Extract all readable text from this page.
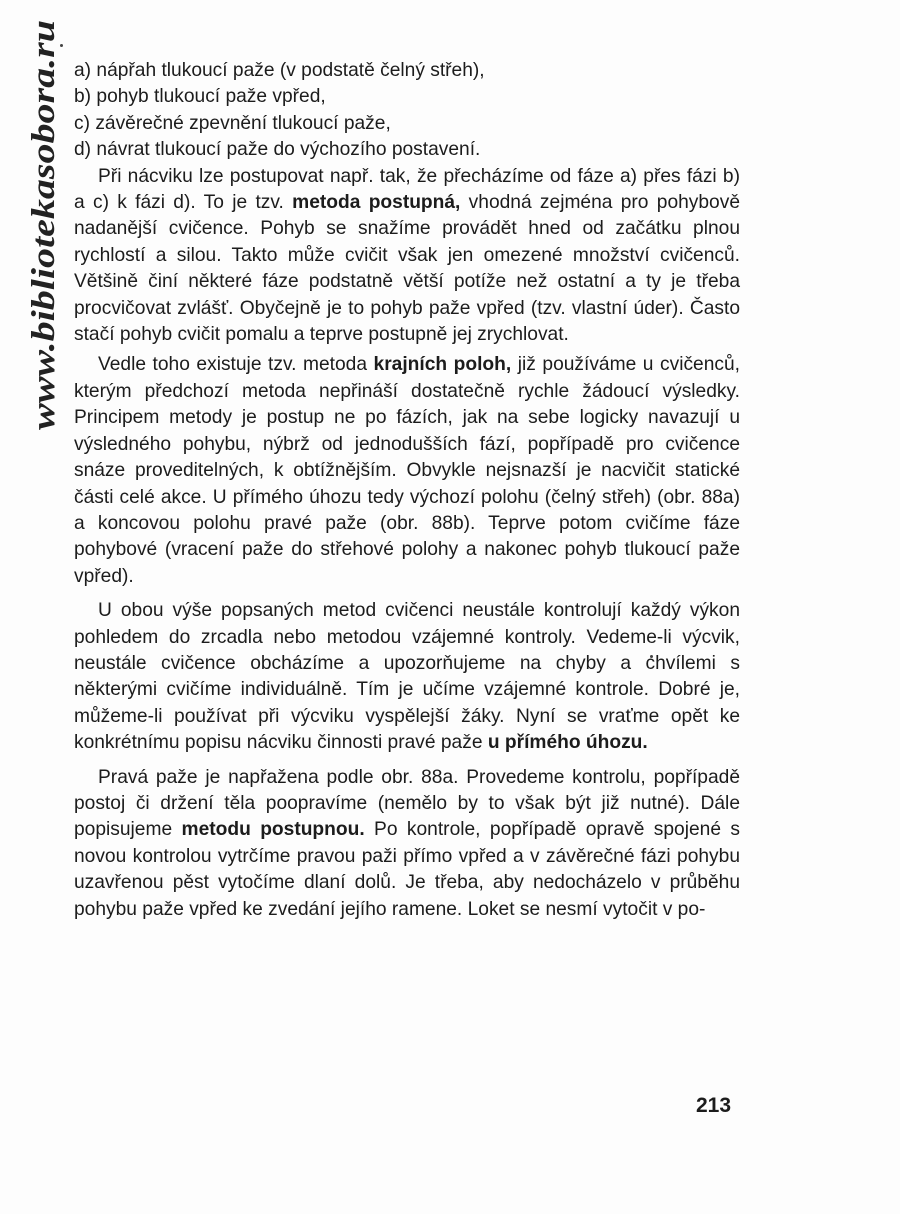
www.bibliotekasobora.ru
a) nápřah tlukoucí paže (v podstatě čelný střeh),
b) pohyb tlukoucí paže vpřed,
c) závěrečné zpevnění tlukoucí paže,
d) návrat tlukoucí paže do výchozího postavení.

Při nácviku lze postupovat např. tak, že přecházíme od fáze a) přes fázi b) a c) k fázi d). To je tzv. metoda postupná, vhodná zejména pro pohybově nadanější cvičence. Pohyb se snažíme provádět hned od začátku plnou rychlostí a silou. Takto může cvičit však jen omezené množství cvičenců. Většině činí některé fáze podstatně větší potíže než ostatní a ty je třeba procvičovat zvlášť. Obyčejně je to pohyb paže vpřed (tzv. vlastní úder). Často stačí pohyb cvičit pomalu a teprve postupně jej zrychlovat.

Vedle toho existuje tzv. metoda krajních poloh, již používáme u cvičenců, kterým předchozí metoda nepřináší dostatečně rychle žádoucí výsledky. Principem metody je postup ne po fázích, jak na sebe logicky navazují u výsledného pohybu, nýbrž od jednodušších fází, popřípadě pro cvičence snáze proveditelných, k obtížnějším. Obvykle nejsnazší je nacvičit statické části celé akce. U přímého úhozu tedy výchozí polohu (čelný střeh) (obr. 88a) a koncovou polohu pravé paže (obr. 88b). Teprve potom cvičíme fáze pohybové (vracení paže do střehové polohy a nakonec pohyb tlukoucí paže vpřed).

U obou výše popsaných metod cvičenci neustále kontrolují každý výkon pohledem do zrcadla nebo metodou vzájemné kontroly. Vedeme-li výcvik, neustále cvičence obcházíme a upozorňujeme na chyby a chvílemi s některými cvičíme individuálně. Tím je učíme vzájemné kontrole. Dobré je, můžeme-li používat při výcviku vyspělejší žáky. Nyní se vraťme opět ke konkrétnímu popisu nácviku činnosti pravé paže u přímého úhozu.

Pravá paže je napřažena podle obr. 88a. Provedeme kontrolu, popřípadě postoj či držení těla poopravíme (nemělo by to však být již nutné). Dále popisujeme metodu postupnou. Po kontrole, popřípadě opravě spojené s novou kontrolou vytrčíme pravou paži přímo vpřed a v závěrečné fázi pohybu uzavřenou pěst vytočíme dlaní dolů. Je třeba, aby nedocházelo v průběhu pohybu paže vpřed ke zvedání jejího ramene. Loket se nesmí vytočit v po-

213
